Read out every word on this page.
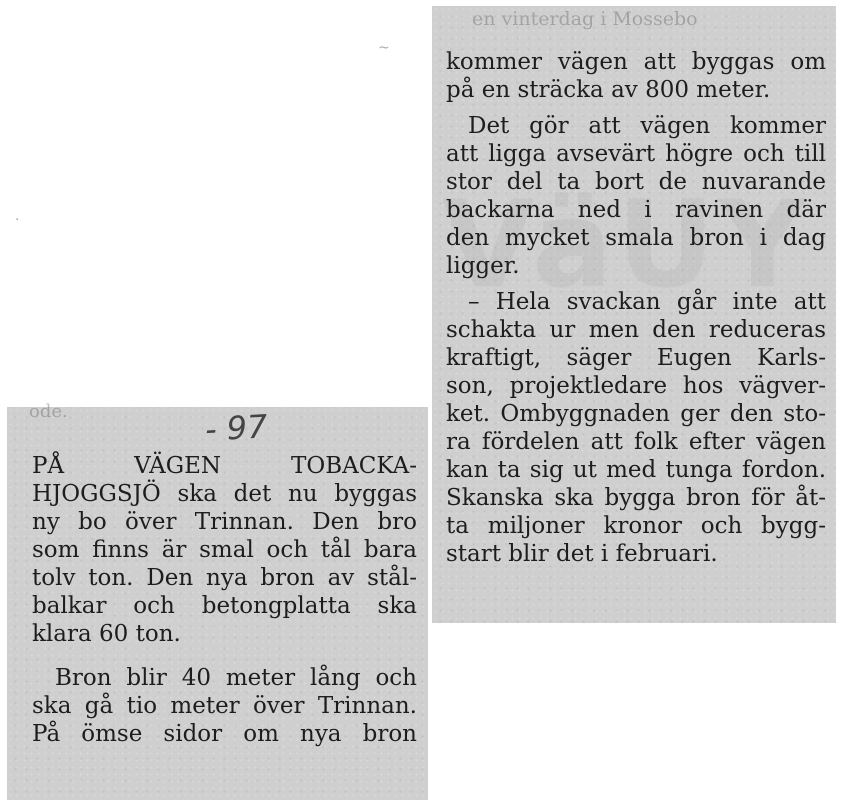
en vinterdag i Mossebo
kommer vägen att byggas om
på en sträcka av 800 meter.
Det gör att vägen kommer
att ligga avsevärt högre och till
stor del ta bort de nuvarande
backarna ned i ravinen där
den mycket smala bron i dag
ligger.
– Hela svackan går inte att
schakta ur men den reduceras
kraftigt, säger Eugen Karls-
son, projektledare hos vägver-
ket. Ombyggnaden ger den sto-
ra fördelen att folk efter vägen
kan ta sig ut med tunga fordon.
Skanska ska bygga bron för åt-
ta miljoner kronor och bygg-
start blir det i februari.
ode.
PÅ VÄGEN TOBACKA-
HJOGGSJÖ ska det nu byggas
ny bo över Trinnan. Den bro
som finns är smal och tål bara
tolv ton. Den nya bron av stål-
balkar och betongplatta ska
klara 60 ton.
Bron blir 40 meter lång och
ska gå tio meter över Trinnan.
På ömse sidor om nya bron
- 97
~
·
